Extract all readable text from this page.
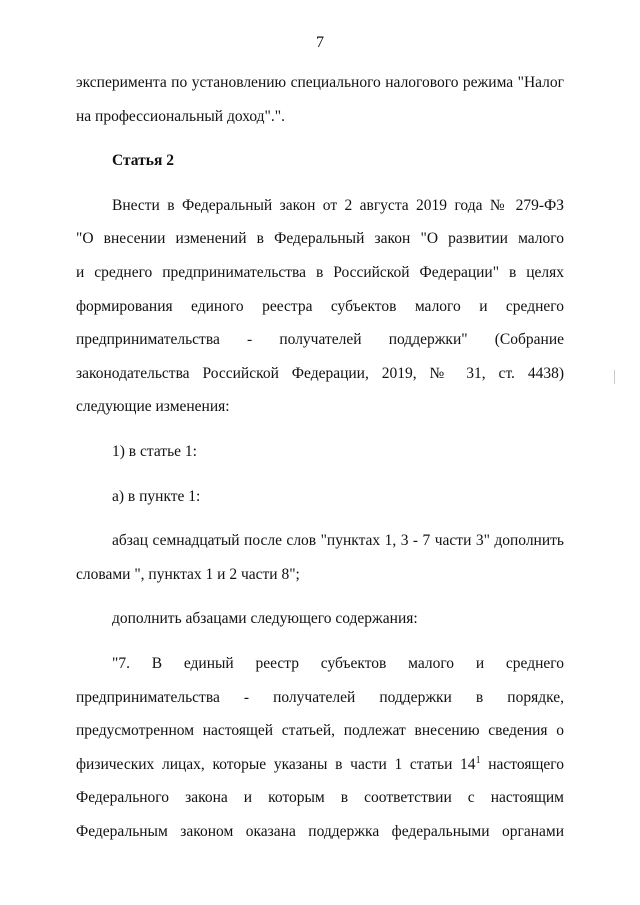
7
эксперимента по установлению специального налогового режима "Налог
на профессиональный доход".".
Статья 2
Внести в Федеральный закон от 2 августа 2019 года № 279-ФЗ
"О внесении изменений в Федеральный закон "О развитии малого
и среднего предпринимательства в Российской Федерации" в целях
формирования единого реестра субъектов малого и среднего
предпринимательства - получателей поддержки" (Собрание
законодательства Российской Федерации, 2019, № 31, ст. 4438)
следующие изменения:
1) в статье 1:
а) в пункте 1:
абзац семнадцатый после слов "пунктах 1, 3 - 7 части 3" дополнить
словами ", пунктах 1 и 2 части 8";
дополнить абзацами следующего содержания:
"7. В единый реестр субъектов малого и среднего
предпринимательства - получателей поддержки в порядке,
предусмотренном настоящей статьей, подлежат внесению сведения о
физических лицах, которые указаны в части 1 статьи $14^1$ настоящего
Федерального закона и которым в соответствии с настоящим
Федеральным законом оказана поддержка федеральными органами
